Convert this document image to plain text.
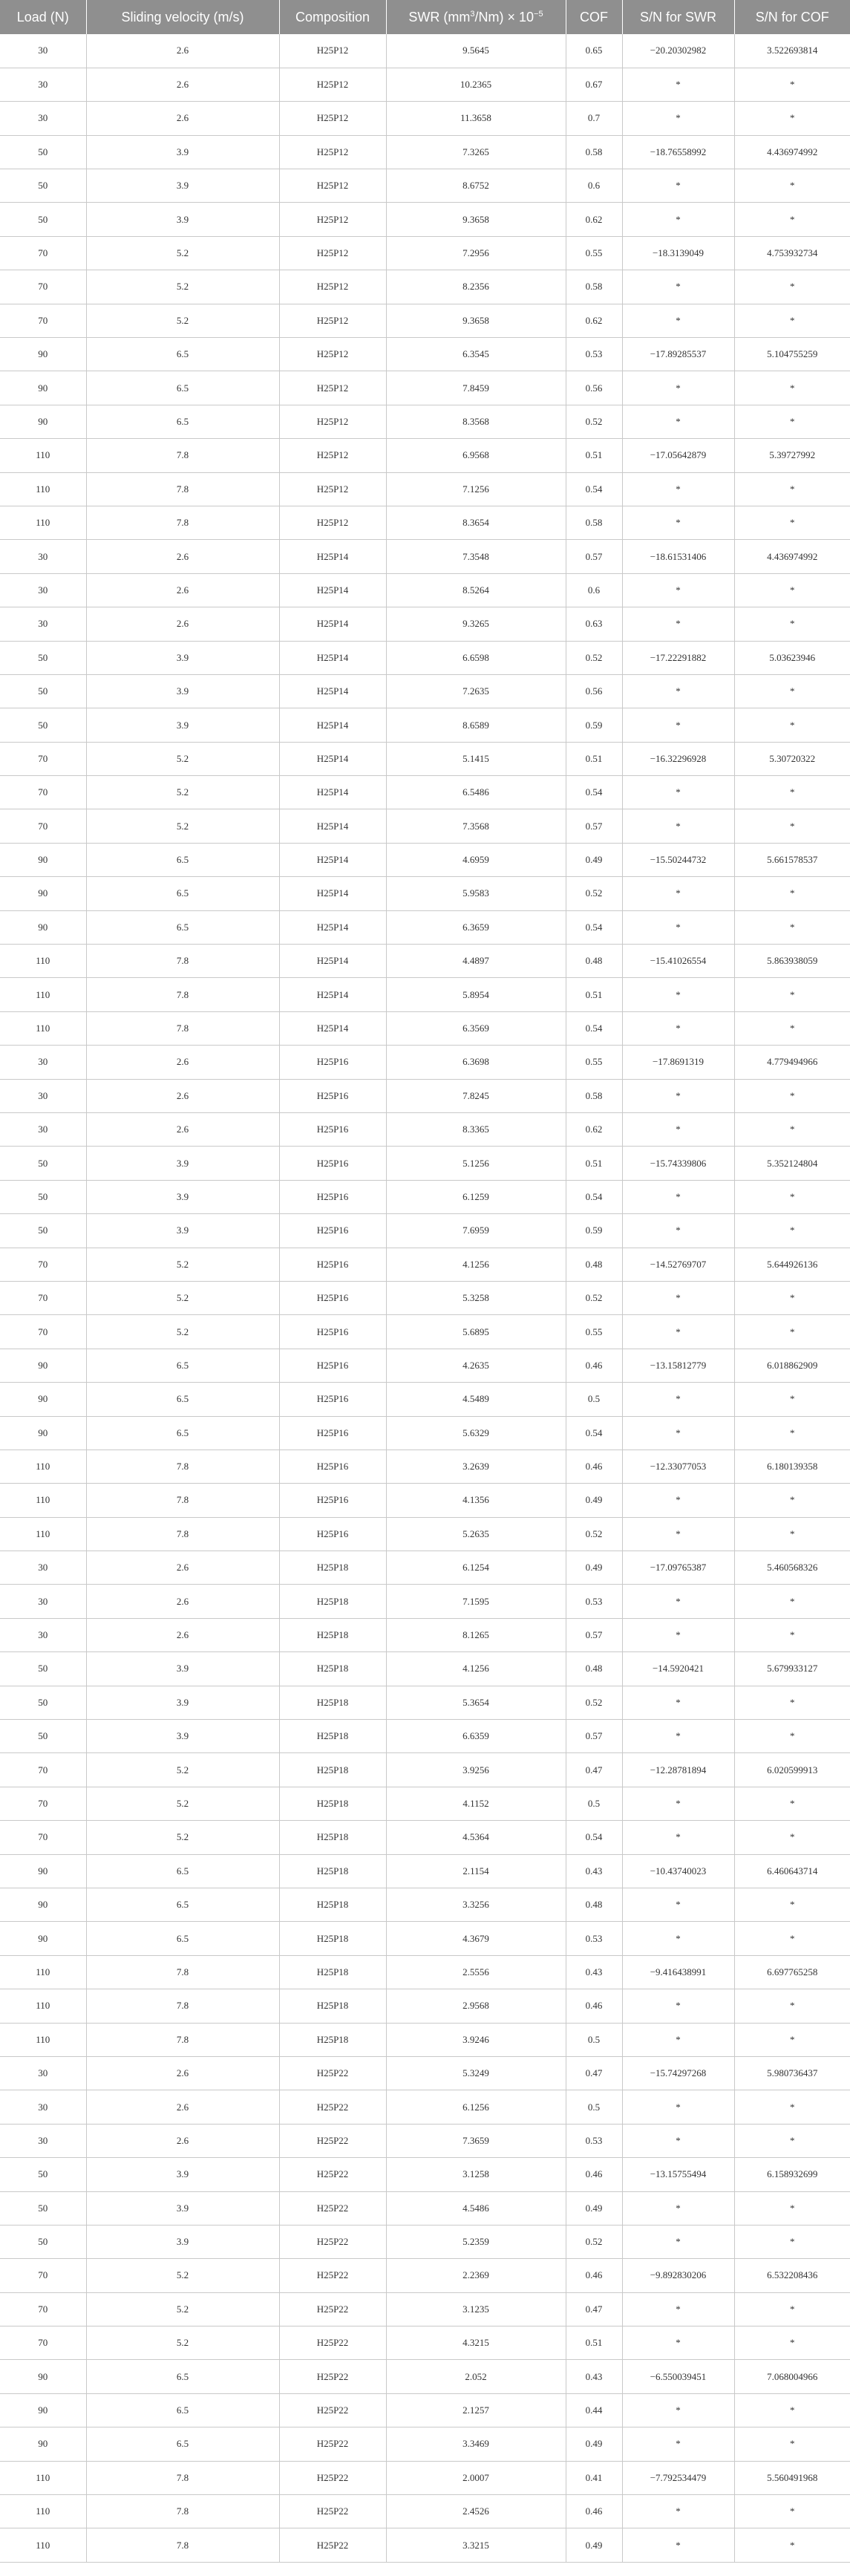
Load (N)	Sliding velocity (m/s)	Composition	SWR $(mm^3/Nm) \times 10^{-5}$	COF	S/N for SWR	S/N for COF
30	2.6	H25P12	9.5645	0.65	−20.20302982	3.522693814
30	2.6	H25P12	10.2365	0.67	*	*
30	2.6	H25P12	11.3658	0.7	*	*
50	3.9	H25P12	7.3265	0.58	−18.76558992	4.436974992
50	3.9	H25P12	8.6752	0.6	*	*
50	3.9	H25P12	9.3658	0.62	*	*
70	5.2	H25P12	7.2956	0.55	−18.3139049	4.753932734
70	5.2	H25P12	8.2356	0.58	*	*
70	5.2	H25P12	9.3658	0.62	*	*
90	6.5	H25P12	6.3545	0.53	−17.89285537	5.104755259
90	6.5	H25P12	7.8459	0.56	*	*
90	6.5	H25P12	8.3568	0.52	*	*
110	7.8	H25P12	6.9568	0.51	−17.05642879	5.39727992
110	7.8	H25P12	7.1256	0.54	*	*
110	7.8	H25P12	8.3654	0.58	*	*
30	2.6	H25P14	7.3548	0.57	−18.61531406	4.436974992
30	2.6	H25P14	8.5264	0.6	*	*
30	2.6	H25P14	9.3265	0.63	*	*
50	3.9	H25P14	6.6598	0.52	−17.22291882	5.03623946
50	3.9	H25P14	7.2635	0.56	*	*
50	3.9	H25P14	8.6589	0.59	*	*
70	5.2	H25P14	5.1415	0.51	−16.32296928	5.30720322
70	5.2	H25P14	6.5486	0.54	*	*
70	5.2	H25P14	7.3568	0.57	*	*
90	6.5	H25P14	4.6959	0.49	−15.50244732	5.661578537
90	6.5	H25P14	5.9583	0.52	*	*
90	6.5	H25P14	6.3659	0.54	*	*
110	7.8	H25P14	4.4897	0.48	−15.41026554	5.863938059
110	7.8	H25P14	5.8954	0.51	*	*
110	7.8	H25P14	6.3569	0.54	*	*
30	2.6	H25P16	6.3698	0.55	−17.8691319	4.779494966
30	2.6	H25P16	7.8245	0.58	*	*
30	2.6	H25P16	8.3365	0.62	*	*
50	3.9	H25P16	5.1256	0.51	−15.74339806	5.352124804
50	3.9	H25P16	6.1259	0.54	*	*
50	3.9	H25P16	7.6959	0.59	*	*
70	5.2	H25P16	4.1256	0.48	−14.52769707	5.644926136
70	5.2	H25P16	5.3258	0.52	*	*
70	5.2	H25P16	5.6895	0.55	*	*
90	6.5	H25P16	4.2635	0.46	−13.15812779	6.018862909
90	6.5	H25P16	4.5489	0.5	*	*
90	6.5	H25P16	5.6329	0.54	*	*
110	7.8	H25P16	3.2639	0.46	−12.33077053	6.180139358
110	7.8	H25P16	4.1356	0.49	*	*
110	7.8	H25P16	5.2635	0.52	*	*
30	2.6	H25P18	6.1254	0.49	−17.09765387	5.460568326
30	2.6	H25P18	7.1595	0.53	*	*
30	2.6	H25P18	8.1265	0.57	*	*
50	3.9	H25P18	4.1256	0.48	−14.5920421	5.679933127
50	3.9	H25P18	5.3654	0.52	*	*
50	3.9	H25P18	6.6359	0.57	*	*
70	5.2	H25P18	3.9256	0.47	−12.28781894	6.020599913
70	5.2	H25P18	4.1152	0.5	*	*
70	5.2	H25P18	4.5364	0.54	*	*
90	6.5	H25P18	2.1154	0.43	−10.43740023	6.460643714
90	6.5	H25P18	3.3256	0.48	*	*
90	6.5	H25P18	4.3679	0.53	*	*
110	7.8	H25P18	2.5556	0.43	−9.416438991	6.697765258
110	7.8	H25P18	2.9568	0.46	*	*
110	7.8	H25P18	3.9246	0.5	*	*
30	2.6	H25P22	5.3249	0.47	−15.74297268	5.980736437
30	2.6	H25P22	6.1256	0.5	*	*
30	2.6	H25P22	7.3659	0.53	*	*
50	3.9	H25P22	3.1258	0.46	−13.15755494	6.158932699
50	3.9	H25P22	4.5486	0.49	*	*
50	3.9	H25P22	5.2359	0.52	*	*
70	5.2	H25P22	2.2369	0.46	−9.892830206	6.532208436
70	5.2	H25P22	3.1235	0.47	*	*
70	5.2	H25P22	4.3215	0.51	*	*
90	6.5	H25P22	2.052	0.43	−6.550039451	7.068004966
90	6.5	H25P22	2.1257	0.44	*	*
90	6.5	H25P22	3.3469	0.49	*	*
110	7.8	H25P22	2.0007	0.41	−7.792534479	5.560491968
110	7.8	H25P22	2.4526	0.46	*	*
110	7.8	H25P22	3.3215	0.49	*	*
